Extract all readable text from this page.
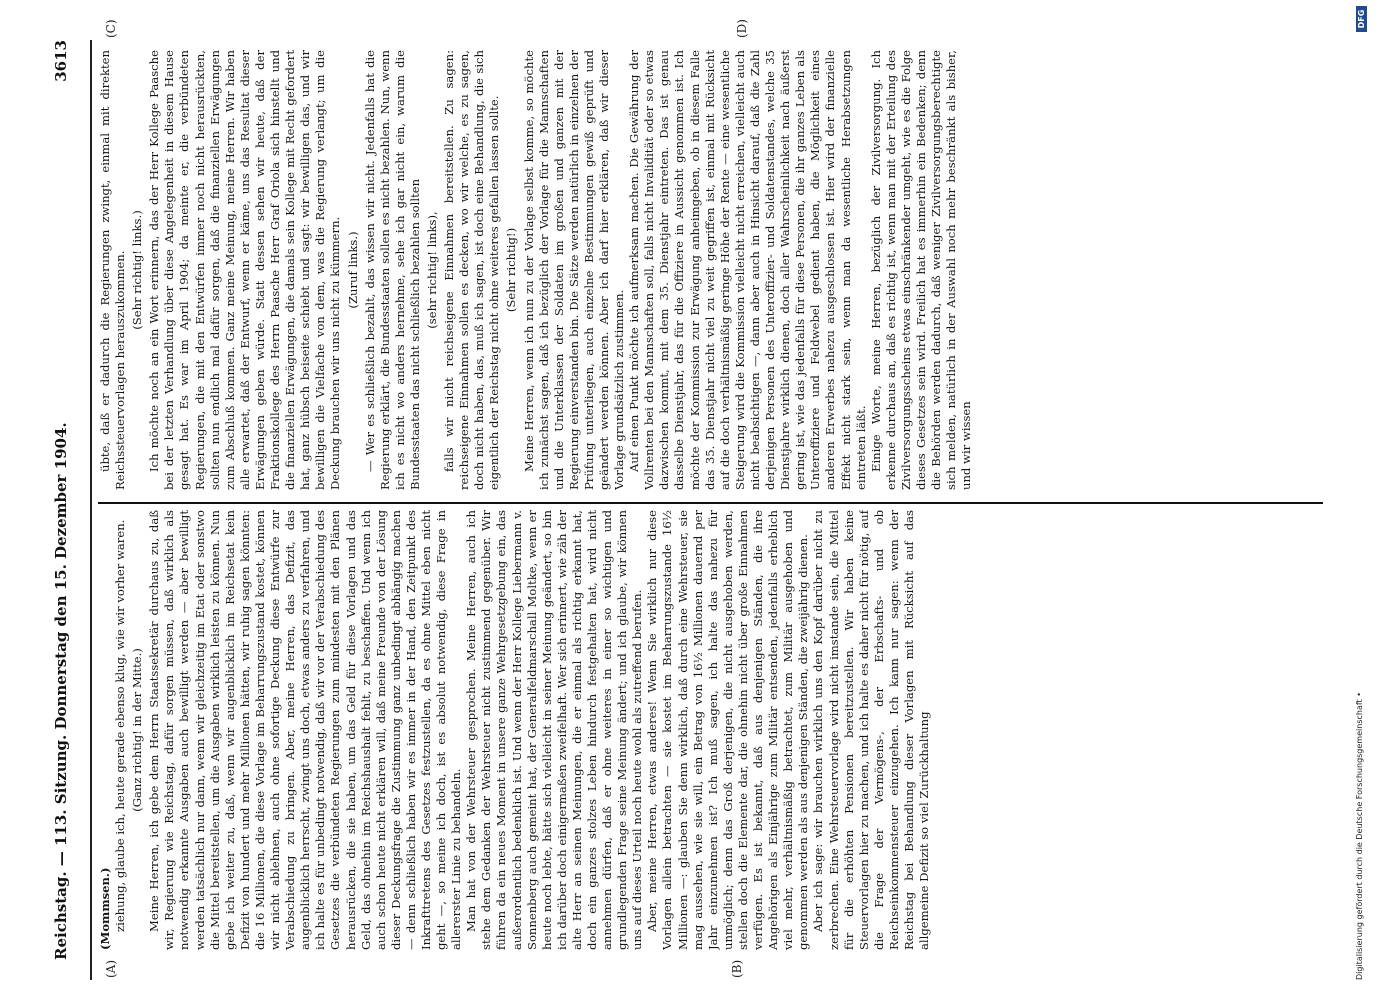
Reichstag. — 113. Sitzung. Donnerstag den 15. Dezember 1904.
3613
(A)	(B)
(C)	(D)

(Mommsen.) ziehung, glaube ich, heute gerade ebenso klug, wie wir vorher waren. (Ganz richtig! in der Mitte.) Meine Herren, ich gebe dem Herrn Staatssekretär durchaus zu, daß wir, Regierung wie Reichstag, dafür sorgen müssen, daß wirklich als notwendig erkannte Ausgaben auch bewilligt werden — aber bewilligt werden tatsächlich nur dann, wenn wir gleichzeitig im Etat oder sonstwo die Mittel bereitstellen, um die Ausgaben wirklich leisten zu können. Nun gebe ich weiter zu, daß, wenn wir augenblicklich im Reichsetat kein Defizit von hundert und mehr Millionen hätten, wir ruhig sagen könnten: die 16 Millionen, die diese Vorlage im Beharrungszustand kostet, können wir nicht ablehnen, auch ohne sofortige Deckung diese Entwürfe zur Verabschiedung zu bringen. Aber, meine Herren, das Defizit, das augenblicklich herrscht, zwingt uns doch, etwas anders zu verfahren, und ich halte es für unbedingt notwendig, daß wir vor der Verabschiedung des Gesetzes die verbündeten Regierungen zum mindesten mit den Plänen herausrücken, die sie haben, um das Geld für diese Vorlagen und das Geld, das ohnehin im Reichshaushalt fehlt, zu beschaffen. Und wenn ich auch schon heute nicht erklären will, daß meine Freunde von der Lösung dieser Deckungsfrage die Zustimmung ganz unbedingt abhängig machen — denn schließlich haben wir es immer in der Hand, den Zeitpunkt des Inkrafttretens des Gesetzes festzustellen, da es ohne Mittel eben nicht geht —, so meine ich doch, ist es absolut notwendig, diese Frage in allererster Linie zu behandeln. Man hat von der Wehrsteuer gesprochen. Meine Herren, auch ich stehe dem Gedanken der Wehrsteuer nicht zustimmend gegenüber. Wir führen da ein neues Moment in unsere ganze Wehrgesetzgebung ein, das außerordentlich bedenklich ist. Und wenn der Herr Kollege Liebermann v. Sonnenberg auch gemeint hat, der Generalfeldmarschall Moltke, wenn er heute noch lebte, hätte sich vielleicht in seiner Meinung geändert, so bin ich darüber doch einigermaßen zweifelhaft. Wer sich erinnert, wie zäh der alte Herr an seinen Meinungen, die er einmal als richtig erkannt hat, doch ein ganzes stolzes Leben hindurch festgehalten hat, wird nicht annehmen dürfen, daß er ohne weiteres in einer so wichtigen und grundlegenden Frage seine Meinung ändert; und ich glaube, wir können uns auf dieses Urteil noch heute wohl als zutreffend berufen. Aber, meine Herren, etwas anderes! Wenn Sie wirklich nur diese Vorlagen allein betrachten — sie kostet im Beharrungszustande 16½ Millionen —: glauben Sie denn wirklich, daß durch eine Wehrsteuer, sie mag aussehen, wie sie will, ein Betrag von 16½ Millionen dauernd per Jahr einzunehmen ist? Ich muß sagen, ich halte das nahezu für unmöglich; denn das Groß derjenigen, die nicht ausgehoben werden, stellen doch die Elemente dar, die ohnehin nicht über große Einnahmen verfügen. Es ist bekannt, daß aus denjenigen Ständen, die ihre Angehörigen als Einjährige zum Militär entsenden, jedenfalls erheblich viel mehr, verhältnismäßig betrachtet, zum Militär ausgehoben und genommen werden als aus denjenigen Ständen, die zweijährig dienen. Aber ich sage: wir brauchen wirklich uns den Kopf darüber nicht zu zerbrechen. Eine Wehrsteuervorlage wird nicht imstande sein, die Mittel für die erhöhten Pensionen bereitzustellen. Wir haben keine Steuervorlagen hier zu machen, und ich halte es daher nicht für nötig, auf die Frage der Vermögens-, der Erbschafts- und ob Reichseinkommensteuer einzugehen. Ich kann nur sagen: wenn der Reichstag bei Behandlung dieser Vorlagen mit Rücksicht auf das allgemeine Defizit so viel Zurückhaltung

übte, daß er dadurch die Regierungen zwingt, einmal mit direkten Reichssteuervorlagen herauszukommen. (Sehr richtig! links.) Ich möchte noch an ein Wort erinnern, das der Herr Kollege Paasche bei der letzten Verhandlung über diese Angelegenheit in diesem Hause gesagt hat. Es war im April 1904; da meinte er, die verbündeten Regierungen, die mit den Entwürfen immer noch nicht herausrückten, sollten nun endlich mal dafür sorgen, daß die finanziellen Erwägungen zum Abschluß kommen. Ganz meine Meinung, meine Herren. Wir haben alle erwartet, daß der Entwurf, wenn er käme, uns das Resultat dieser Erwägungen geben würde. Statt dessen sehen wir heute, daß der Fraktionskollege des Herrn Paasche Herr Graf Oriola sich hinstellt und die finanziellen Erwägungen, die damals sein Kollege mit Recht gefordert hat, ganz hübsch beiseite schiebt und sagt: wir bewilligen das, und wir bewilligen die Vielfache von dem, was die Regierung verlangt; um die Deckung brauchen wir uns nicht zu kümmern. (Zuruf links.) — Wer es schließlich bezahlt, das wissen wir nicht. Jedenfalls hat die Regierung erklärt, die Bundesstaaten sollen es nicht bezahlen. Nun, wenn ich es nicht wo anders hernehme, sehe ich gar nicht ein, warum die Bundesstaaten das nicht schließlich bezahlen sollten (sehr richtig! links), falls wir nicht reichseigene Einnahmen bereitstellen. Zu sagen: reichseigene Einnahmen sollen es decken, wo wir welche, es zu sagen, doch nicht haben, das, muß ich sagen, ist doch eine Behandlung, die sich eigentlich der Reichstag nicht ohne weiteres gefallen lassen sollte. (Sehr richtig!) Meine Herren, wenn ich nun zu der Vorlage selbst komme, so möchte ich zunächst sagen, daß ich bezüglich der Vorlage für die Mannschaften und die Unterklassen der Soldaten im großen und ganzen mit der Regierung einverstanden bin. Die Sätze werden natürlich in einzelnen der Prüfung unterliegen, auch einzelne Bestimmungen gewiß geprüft und geändert werden können. Aber ich darf hier erklären, daß wir dieser Vorlage grundsätzlich zustimmen. Auf einen Punkt möchte ich aufmerksam machen. Die Gewährung der Vollrenten bei den Mannschaften soll, falls nicht Invalidität oder so etwas dazwischen kommt, mit dem 35. Dienstjahr eintreten. Das ist genau dasselbe Dienstjahr, das für die Offiziere in Aussicht genommen ist. Ich möchte der Kommission zur Erwägung anheimgeben, ob in diesem Falle das 35. Dienstjahr nicht viel zu weit gegriffen ist, einmal mit Rücksicht auf die doch verhältnismäßig geringe Höhe der Rente — eine wesentliche Steigerung wird die Kommission vielleicht nicht erreichen, vielleicht auch nicht beabsichtigen —, dann aber auch in Hinsicht darauf, daß die Zahl derjenigen Personen des Unteroffizier- und Soldatenstandes, welche 35 Dienstjahre wirklich dienen, doch aller Wahrscheinlichkeit nach äußerst gering ist, wie das jedenfalls für diese Personen, die ihr ganzes Leben als Unteroffiziere und Feldwebel gedient haben, die Möglichkeit eines anderen Erwerbes nahezu ausgeschlossen ist. Hier wird der finanzielle Effekt nicht stark sein, wenn man da wesentliche Herabsetzungen eintreten läßt. Einige Worte, meine Herren, bezüglich der Zivilversorgung. Ich erkenne durchaus an, daß es richtig ist, wenn man mit der Erteilung des Zivilversorgungsscheins etwas einschränkender umgeht, wie es die Folge dieses Gesetzes sein wird. Freilich hat es immerhin ein Bedenken; denn die Behörden werden dadurch, daß weniger Zivilversorgungsberechtigte sich melden, natürlich in der Auswahl noch mehr beschränkt als bisher, und wir wissen

Digitalisierung gefördert durch die Deutsche Forschungsgemeinschaft •
DFG
